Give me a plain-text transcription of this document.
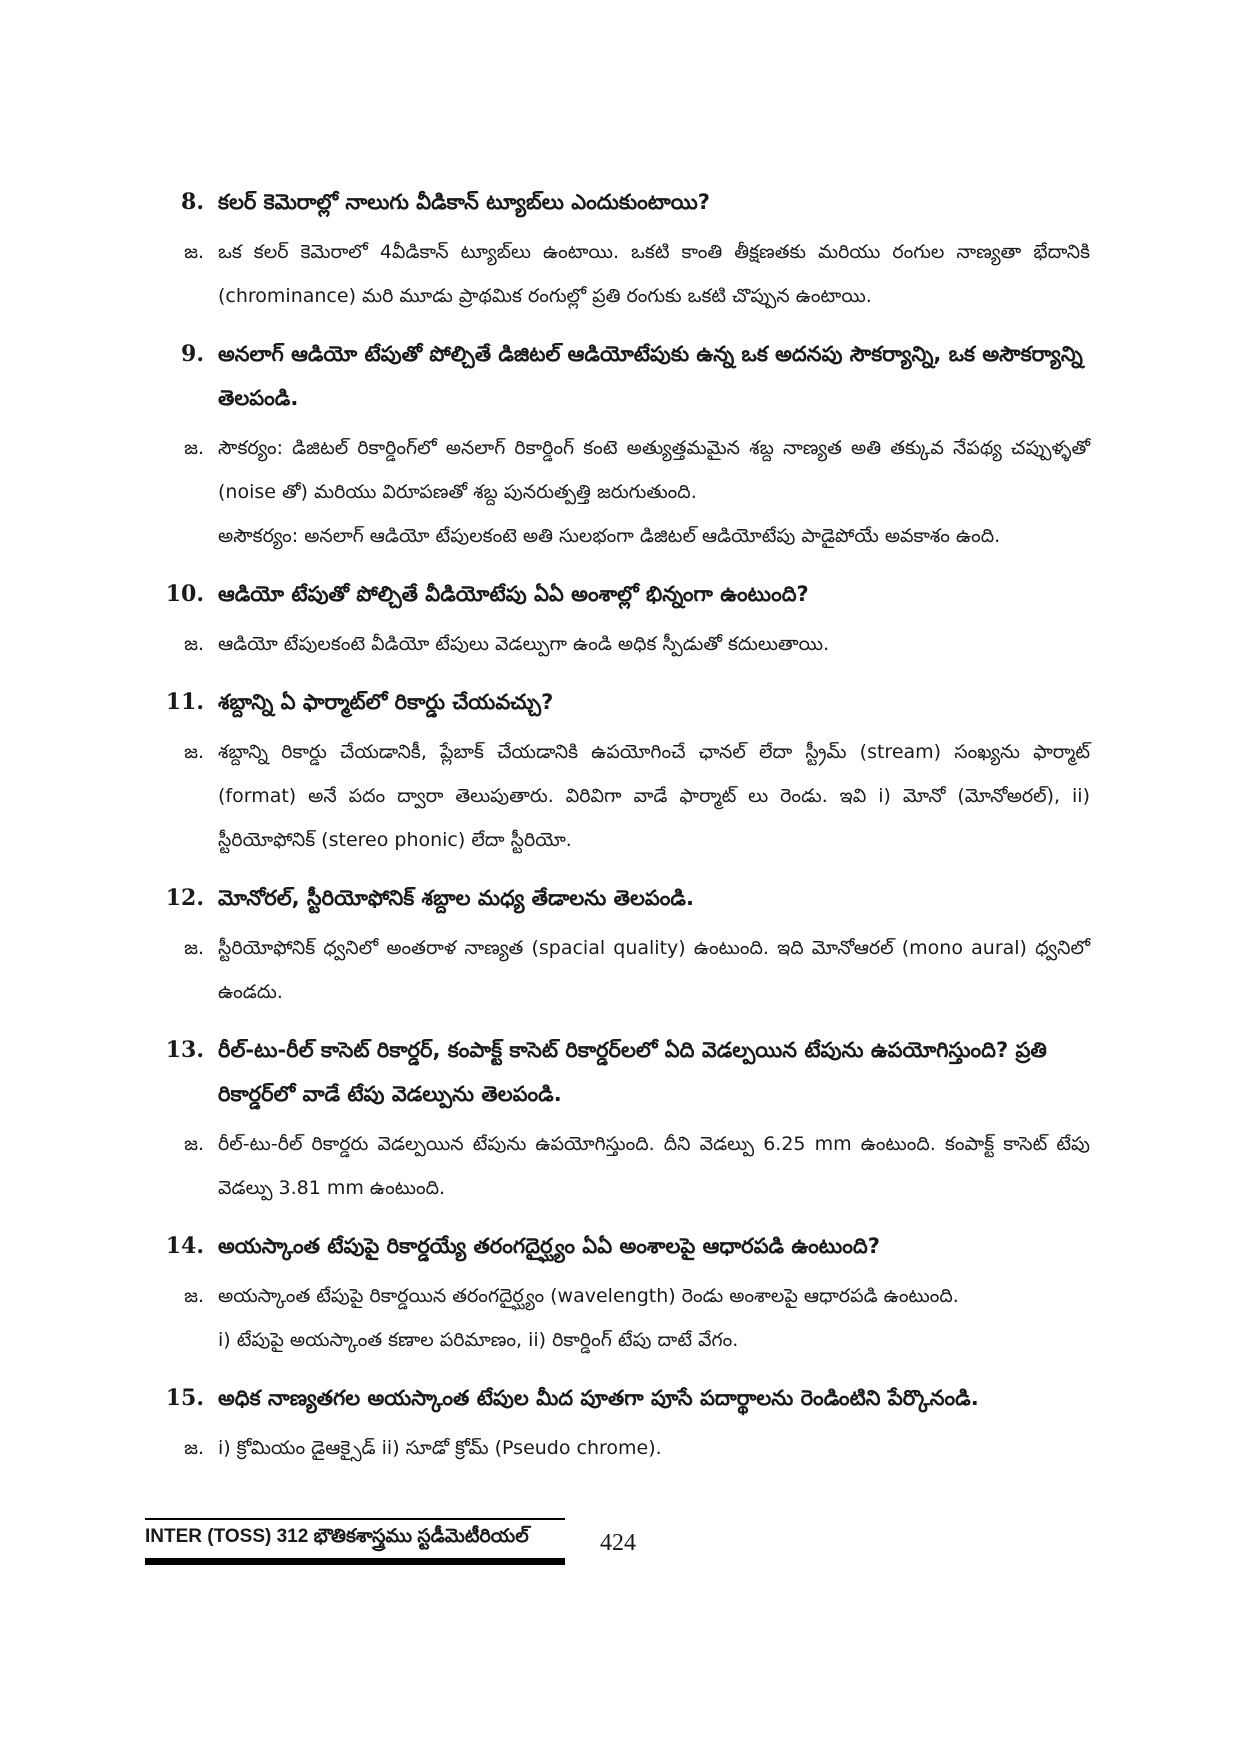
8. కలర్ కెమెరాల్లో నాలుగు వీడికాన్ ట్యూబ్‌లు ఎందుకుంటాయి?
జ. ఒక కలర్ కెమెరాలో 4వీడికాన్ ట్యూబ్‌లు ఉంటాయి. ఒకటి కాంతి తీక్షణతకు మరియు రంగుల నాణ్యతా భేదానికి (chrominance) మరి మూడు ప్రాథమిక రంగుల్లో ప్రతి రంగుకు ఒకటి చొప్పున ఉంటాయి.
9. అనలాగ్ ఆడియో టేపుతో పోల్చితే డిజిటల్ ఆడియోటేపుకు ఉన్న ఒక అదనపు సౌకర్యాన్ని, ఒక అసౌకర్యాన్ని తెలపండి.
జ. సౌకర్యం: డిజిటల్ రికార్డింగ్‌లో అనలాగ్ రికార్డింగ్ కంటె అత్యుత్తమమైన శబ్ద నాణ్యత అతి తక్కువ నేపథ్య చప్పుళ్ళతో (noise తో) మరియు విరూపణతో శబ్ద పునరుత్పత్తి జరుగుతుంది.
అసౌకర్యం: అనలాగ్ ఆడియో టేపులకంటె అతి సులభంగా డిజిటల్ ఆడియోటేపు పాడైపోయే అవకాశం ఉంది.
10. ఆడియో టేపుతో పోల్చితే వీడియోటేపు ఏఏ అంశాల్లో భిన్నంగా ఉంటుంది?
జ. ఆడియో టేపులకంటె వీడియో టేపులు వెడల్పుగా ఉండి అధిక స్పీడుతో కదులుతాయి.
11. శబ్దాన్ని ఏ ఫార్మాట్‌లో రికార్డు చేయవచ్చు?
జ. శబ్దాన్ని రికార్డు చేయడానికీ, ప్లేబాక్ చేయడానికి ఉపయోగించే ఛానల్ లేదా స్ట్రీమ్ (stream) సంఖ్యను ఫార్మాట్ (format) అనే పదం ద్వారా తెలుపుతారు. విరివిగా వాడే ఫార్మాట్ లు రెండు. ఇవి i) మోనో (మోనోఅరల్), ii) స్టీరియోఫోనిక్ (stereo phonic) లేదా స్టీరియో.
12. మోనోరల్, స్టీరియోఫోనిక్ శబ్దాల మధ్య తేడాలను తెలపండి.
జ. స్టీరియోఫోనిక్ ధ్వనిలో అంతరాళ నాణ్యత (spacial quality) ఉంటుంది. ఇది మోనోఆరల్ (mono aural) ధ్వనిలో ఉండదు.
13. రీల్-టు-రీల్ కాసెట్ రికార్డర్, కంపాక్ట్ కాసెట్ రికార్డర్‌లలో ఏది వెడల్పయిన టేపును ఉపయోగిస్తుంది? ప్రతి రికార్డర్‌లో వాడే టేపు వెడల్పును తెలపండి.
జ. రీల్-టు-రీల్ రికార్డరు వెడల్పయిన టేపును ఉపయోగిస్తుంది. దీని వెడల్పు 6.25 mm ఉంటుంది. కంపాక్ట్ కాసెట్ టేపు వెడల్పు 3.81 mm ఉంటుంది.
14. అయస్కాంత టేపుపై రికార్డయ్యే తరంగదైర్ఘ్యం ఏఏ అంశాలపై ఆధారపడి ఉంటుంది?
జ. అయస్కాంత టేపుపై రికార్డయిన తరంగదైర్ఘ్యం (wavelength) రెండు అంశాలపై ఆధారపడి ఉంటుంది.
i) టేపుపై అయస్కాంత కణాల పరిమాణం, ii) రికార్డింగ్ టేపు దాటే వేగం.
15. అధిక నాణ్యతగల అయస్కాంత టేపుల మీద పూతగా పూసే పదార్థాలను రెండింటిని పేర్కొనండి.
జ. i) క్రోమియం డైఆక్సైడ్ ii) సూడో క్రోమ్ (Pseudo chrome).
INTER (TOSS) 312 భౌతికశాస్త్రము స్టడీమెటీరియల్	424
